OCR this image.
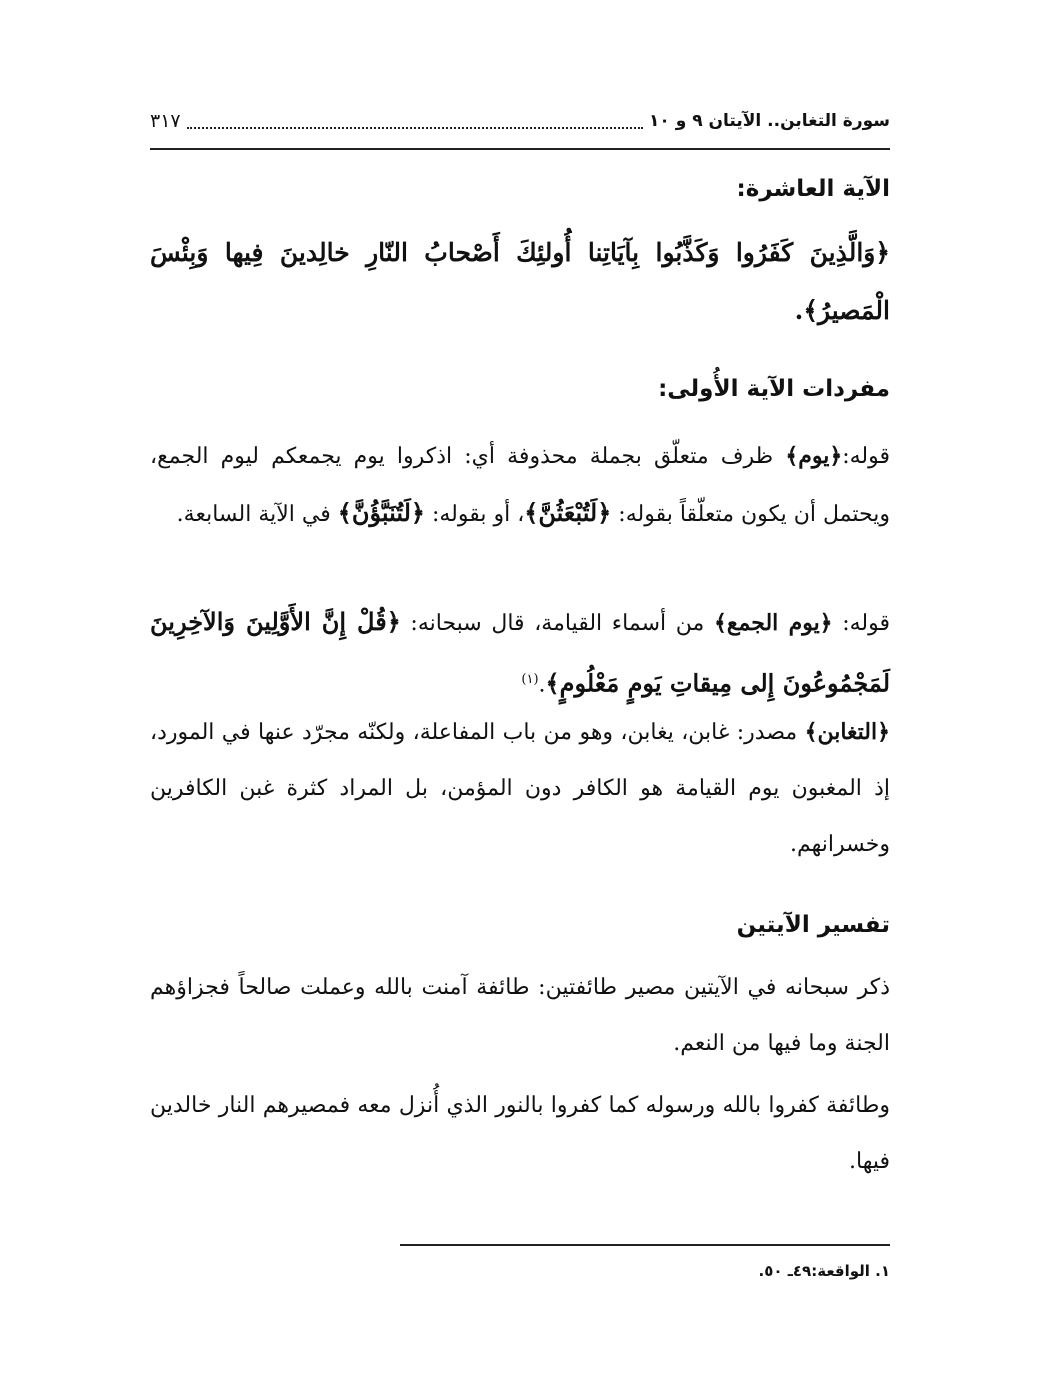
سورة التغابن.. الآيتان ٩ و ١٠
٣١٧
الآية العاشرة:
﴿وَالَّذِينَ كَفَرُوا وَكَذَّبُوا بِآيَاتِنا أُولئِكَ أَصْحابُ النّارِ خالِدينَ فِيها وَبِئْسَ الْمَصيرُ﴾.
مفردات الآية الأُولى:
قوله:﴿يوم﴾ ظرف متعلّق بجملة محذوفة أي: اذكروا يوم يجمعكم ليوم الجمع، ويحتمل أن يكون متعلّقاً بقوله: ﴿لَتُبْعَثُنَّ﴾، أو بقوله: ﴿لَتُنَبَّؤُنَّ﴾ في الآية السابعة.
قوله: ﴿يوم الجمع﴾ من أسماء القيامة، قال سبحانه: ﴿قُلْ إِنَّ الأَوَّلِينَ وَالآخِرِينَ لَمَجْمُوعُونَ إِلى مِيقاتِ يَومٍ مَعْلُومٍ﴾.$^{(١)}$
﴿التغابن﴾ مصدر: غابن، يغابن، وهو من باب المفاعلة، ولكنّه مجرّد عنها في المورد، إذ المغبون يوم القيامة هو الكافر دون المؤمن، بل المراد كثرة غبن الكافرين وخسرانهم.
تفسير الآيتين
ذكر سبحانه في الآيتين مصير طائفتين: طائفة آمنت بالله وعملت صالحاً فجزاؤهم الجنة وما فيها من النعم.
وطائفة كفروا بالله ورسوله كما كفروا بالنور الذي أُنزل معه فمصيرهم النار خالدين فيها.
١. الواقعة:٤٩ـ ٥٠.
